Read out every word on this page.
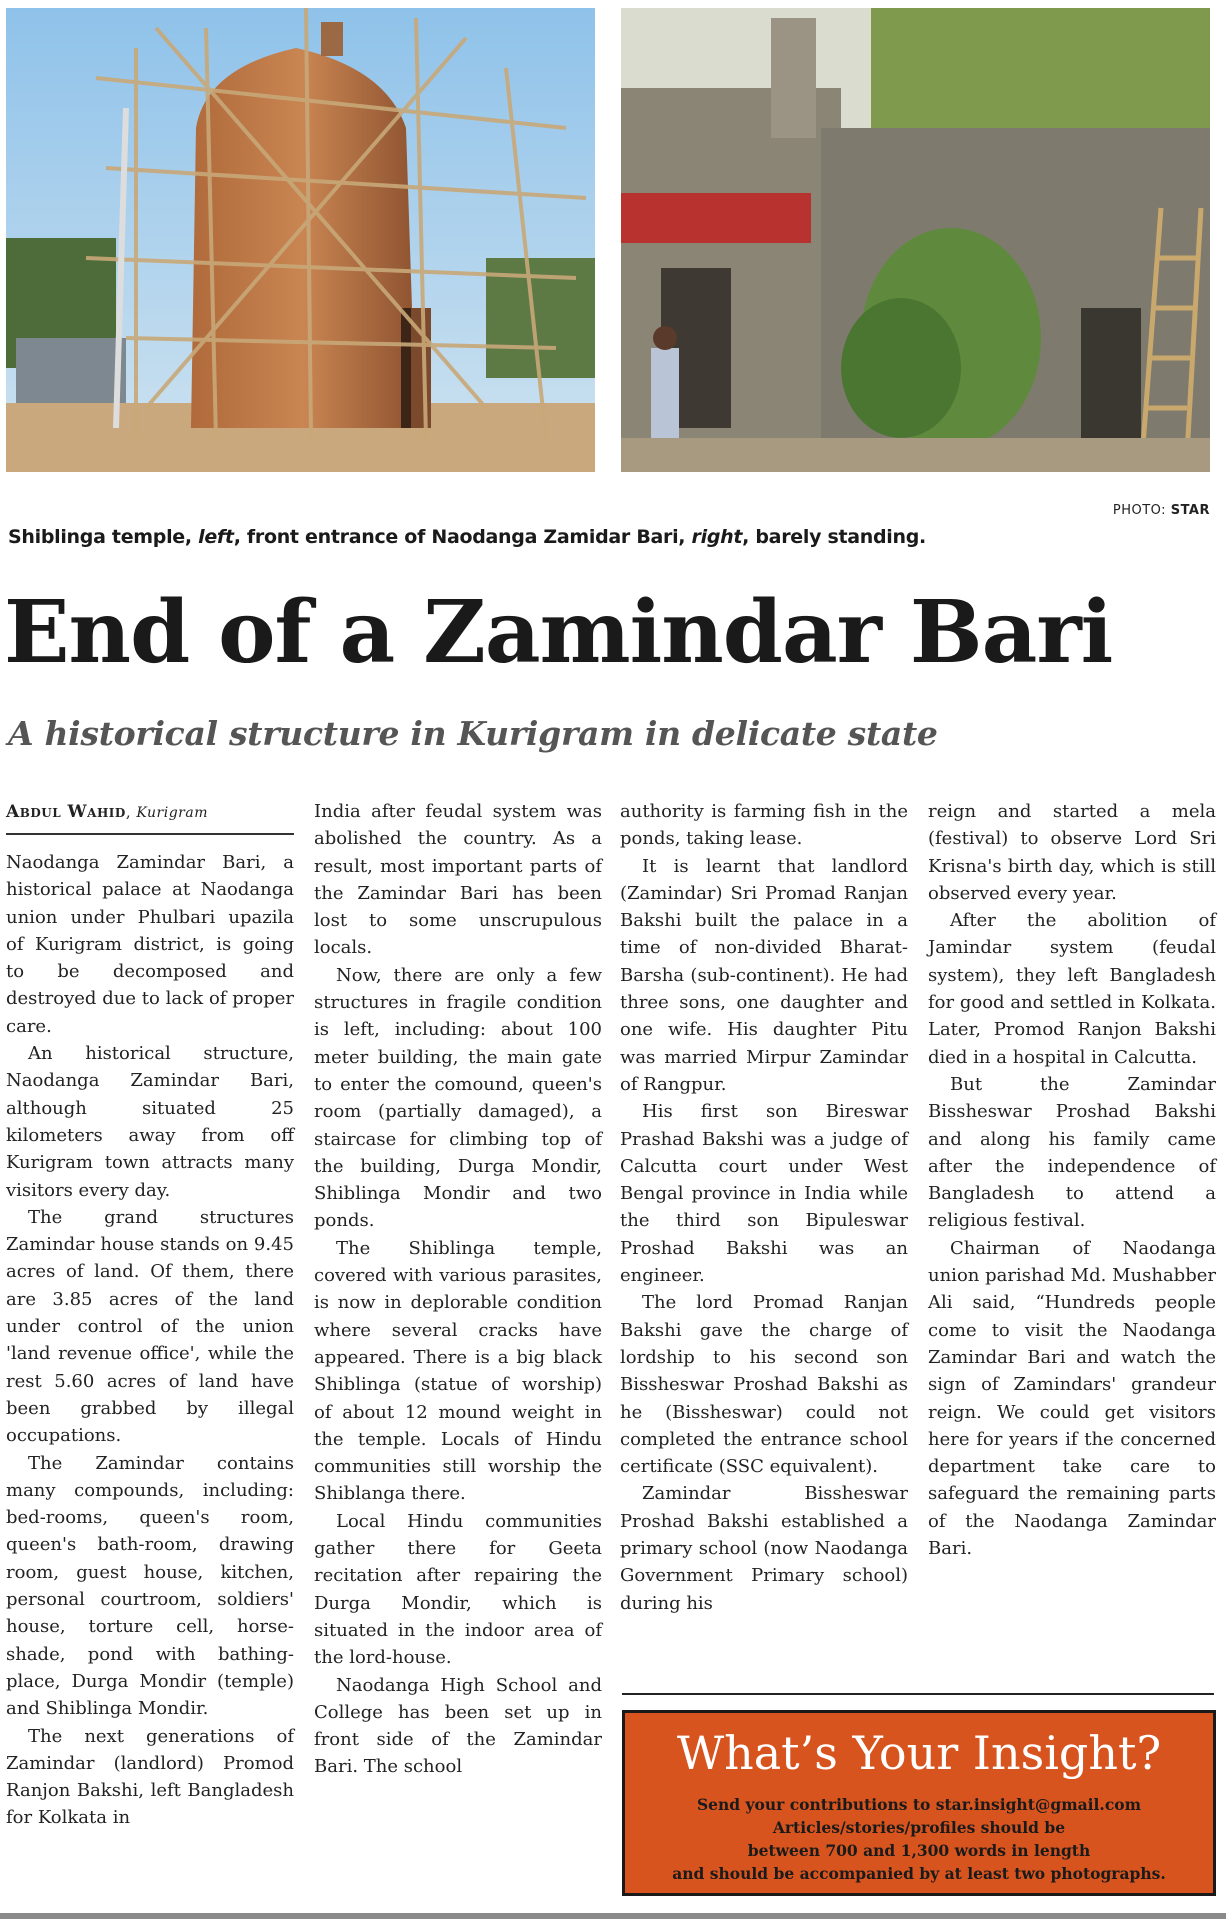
PHOTO: STAR
Shiblinga temple, left, front entrance of Naodanga Zamidar Bari, right, barely standing.
End of a Zamindar Bari
A historical structure in Kurigram in delicate state
Abdul Wahid, Kurigram

Naodanga Zamindar Bari, a historical palace at Naodanga union under Phulbari upazila of Kurigram district, is going to be decomposed and destroyed due to lack of proper care.

An historical structure, Naodanga Zamindar Bari, although situated 25 kilometers away from off Kurigram town attracts many visitors every day.

The grand structures Zamindar house stands on 9.45 acres of land. Of them, there are 3.85 acres of the land under control of the union 'land revenue office', while the rest 5.60 acres of land have been grabbed by illegal occupations.

The Zamindar contains many compounds, including: bed-rooms, queen's room, queen's bath-room, drawing room, guest house, kitchen, personal courtroom, soldiers' house, torture cell, horse-shade, pond with bathing-place, Durga Mondir (temple) and Shiblinga Mondir.

The next generations of Zamindar (landlord) Promod Ranjon Bakshi, left Bangladesh for Kolkata in

India after feudal system was abolished the country. As a result, most important parts of the Zamindar Bari has been lost to some unscrupulous locals.

Now, there are only a few structures in fragile condition is left, including: about 100 meter building, the main gate to enter the comound, queen's room (partially damaged), a staircase for climbing top of the building, Durga Mondir, Shiblinga Mondir and two ponds.

The Shiblinga temple, covered with various parasites, is now in deplorable condition where several cracks have appeared. There is a big black Shiblinga (statue of worship) of about 12 mound weight in the temple. Locals of Hindu communities still worship the Shiblanga there.

Local Hindu communities gather there for Geeta recitation after repairing the Durga Mondir, which is situated in the indoor area of the lord-house.

Naodanga High School and College has been set up in front side of the Zamindar Bari. The school

authority is farming fish in the ponds, taking lease.

It is learnt that landlord (Zamindar) Sri Promad Ranjan Bakshi built the palace in a time of non-divided Bharat-Barsha (sub-continent). He had three sons, one daughter and one wife. His daughter Pitu was married Mirpur Zamindar of Rangpur.

His first son Bireswar Prashad Bakshi was a judge of Calcutta court under West Bengal province in India while the third son Bipuleswar Proshad Bakshi was an engineer.

The lord Promad Ranjan Bakshi gave the charge of lordship to his second son Bissheswar Proshad Bakshi as he (Bissheswar) could not completed the entrance school certificate (SSC equivalent).

Zamindar Bissheswar Proshad Bakshi established a primary school (now Naodanga Government Primary school) during his

reign and started a mela (festival) to observe Lord Sri Krisna's birth day, which is still observed every year.

After the abolition of Jamindar system (feudal system), they left Bangladesh for good and settled in Kolkata. Later, Promod Ranjon Bakshi died in a hospital in Calcutta.

But the Zamindar Bissheswar Proshad Bakshi and along his family came after the independence of Bangladesh to attend a religious festival.

Chairman of Naodanga union parishad Md. Mushabber Ali said, “Hundreds people come to visit the Naodanga Zamindar Bari and watch the sign of Zamindars' grandeur reign. We could get visitors here for years if the concerned department take care to safeguard the remaining parts of the Naodanga Zamindar Bari.

What’s Your Insight?
Send your contributions to star.insight@gmail.com
Articles/stories/profiles should be
between 700 and 1,300 words in length
and should be accompanied by at least two photographs.
